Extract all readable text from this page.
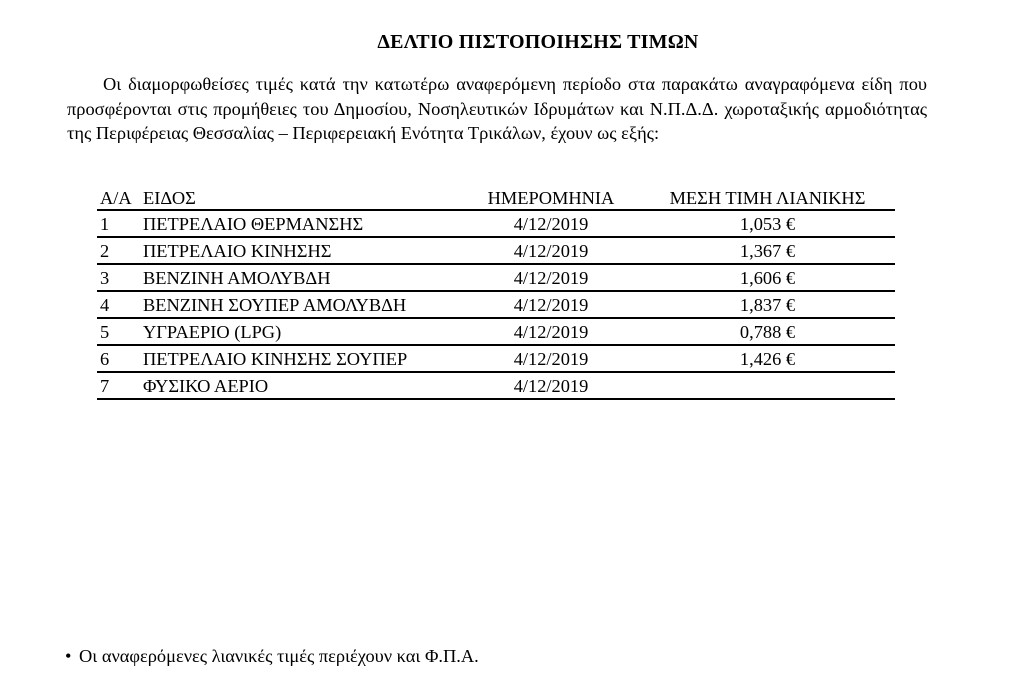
ΔΕΛΤΙΟ ΠΙΣΤΟΠΟΙΗΣΗΣ ΤΙΜΩΝ
Οι διαμορφωθείσες τιμές κατά την κατωτέρω αναφερόμενη περίοδο στα παρακάτω αναγραφόμενα είδη που προσφέρονται στις προμήθειες του Δημοσίου, Νοσηλευτικών Ιδρυμάτων και Ν.Π.Δ.Δ. χωροταξικής αρμοδιότητας της Περιφέρειας Θεσσαλίας – Περιφερειακή Ενότητα Τρικάλων, έχουν ως εξής:
Α/Α ΕΙΔΟΣ	ΗΜΕΡΟΜΗΝΙΑ	ΜΕΣΗ ΤΙΜΗ ΛΙΑΝΙΚΗΣ
1 ΠΕΤΡΕΛΑΙΟ ΘΕΡΜΑΝΣΗΣ	4/12/2019	1,053 €
2 ΠΕΤΡΕΛΑΙΟ ΚΙΝΗΣΗΣ	4/12/2019	1,367 €
3 ΒΕΝΖΙΝΗ ΑΜΟΛΥΒΔΗ	4/12/2019	1,606 €
4 ΒΕΝΖΙΝΗ ΣΟΥΠΕΡ ΑΜΟΛΥΒΔΗ	4/12/2019	1,837 €
5 ΥΓΡΑΕΡΙΟ (LPG)	4/12/2019	0,788 €
6 ΠΕΤΡΕΛΑΙΟ ΚΙΝΗΣΗΣ ΣΟΥΠΕΡ	4/12/2019	1,426 €
7 ΦΥΣΙΚΟ ΑΕΡΙΟ	4/12/2019
• Οι αναφερόμενες λιανικές τιμές περιέχουν και Φ.Π.Α.
